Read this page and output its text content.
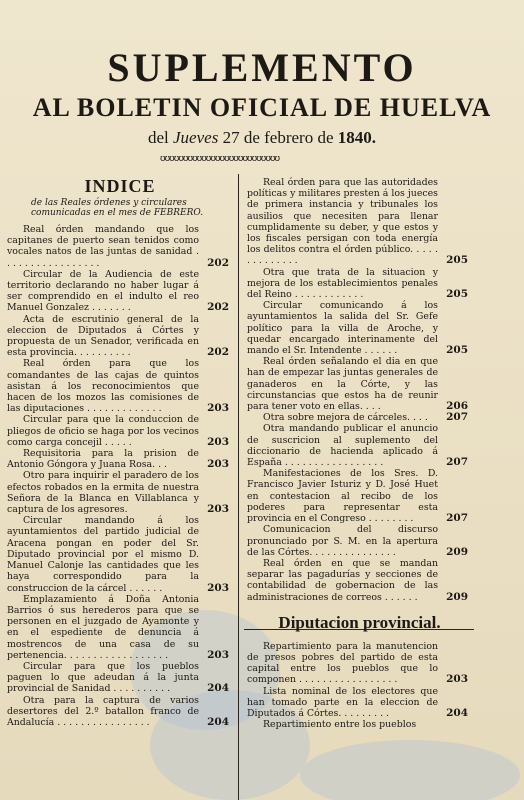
SUPLEMENTO
AL BOLETIN OFICIAL DE HUELVA
del Jueves 27 de febrero de 1840.
ʊʊʊʊʊʊʊʊʊʊʊʊʊʊʊʊʊʊʊʊʊʊʊʊʊʊ
INDICE
de las Reales órdenes y circulares comunicadas en el mes de FEBRERO.
Real órden mandando que los capitanes de puerto sean tenidos como vocales natos de las juntas de sanidad . . . . . . . . . . . . . . . . .	202
Circular de la Audiencia de este territorio declarando no haber lugar á ser comprendido en el indulto el reo Manuel Gonzalez . . . . . . .	202
Acta de escrutinio general de la eleccion de Diputados á Córtes y propuesta de un Senador, verificada en esta provincia. . . . . . . . . .	202
Real órden para que los comandantes de las cajas de quintos asistan á los reconocimientos que hacen de los mozos las comisiones de las diputaciones . . . . . . . . . . . . .	203
Circular para que la conduccion de pliegos de oficio se haga por los vecinos como carga concejil . . . . .	203
Requisitoria para la prision de Antonio Góngora y Juana Rosa. . .	203
Otro para inquirir el paradero de los efectos robados en la ermita de nuestra Señora de la Blanca en Villablanca y captura de los agresores.	203
Circular mandando á los ayuntamientos del partido judicial de Aracena pongan en poder del Sr. Diputado provincial por el mismo D. Manuel Calonje las cantidades que les haya correspondido para la construccion de la cárcel . . . . . .	203
Emplazamiento á Doña Antonia Barrios ó sus herederos para que se personen en el juzgado de Ayamonte y en el espediente de denuncia á mostrencos de una casa de su pertenencia. . . . . . . . . . . . . . . . . .	203
Circular para que los pueblos paguen lo que adeudan á la junta provincial de Sanidad . . . . . . . . . .	204
Otra para la captura de varios desertores del 2.º batallon franco de Andalucía . . . . . . . . . . . . . . . .	204
Real órden para que las autoridades políticas y militares presten á los jueces de primera instancia y tribunales los ausilios que necesiten para llenar cumplidamente su deber, y que estos y los fiscales persigan con toda energía los delitos contra el órden público. . . . . . . . . . . . . .	205
Otra que trata de la situacion y mejora de los establecimientos penales del Reino . . . . . . . . . . . .	205
Circular comunicando á los ayuntamientos la salida del Sr. Gefe político para la villa de Aroche, y quedar encargado interinamente del mando el Sr. Intendente . . . . . .	205
Real órden señalando el dia en que han de empezar las juntas generales de ganaderos en la Córte, y las circunstancias que estos ha de reunir para tener voto en ellas. . . .	206
Otra sobre mejora de cárceles. . . . 207
Otra mandando publicar el anuncio de suscricion al suplemento del diccionario de hacienda aplicado á España . . . . . . . . . . . . . . . . .	207
Manifestaciones de los Sres. D. Francisco Javier Isturiz y D. José Huet en contestacion al recibo de los poderes para representar esta provincia en el Congreso . . . . . . . .	207
Comunicacion del discurso pronunciado por S. M. en la apertura de las Córtes. . . . . . . . . . . . . . .	209
Real órden en que se mandan separar las pagadurías y secciones de contabilidad de gobernacion de las administraciones de correos . . . . . .	209
Diputacion provincial.
Repartimiento para la manutencion de presos pobres del partido de esta capital entre los pueblos que lo componen . . . . . . . . . . . . . . . . .	203
Lista nominal de los electores que han tomado parte en la eleccion de Diputados á Córtes. . . . . . . . .	204
Repartimiento entre los pueblos
